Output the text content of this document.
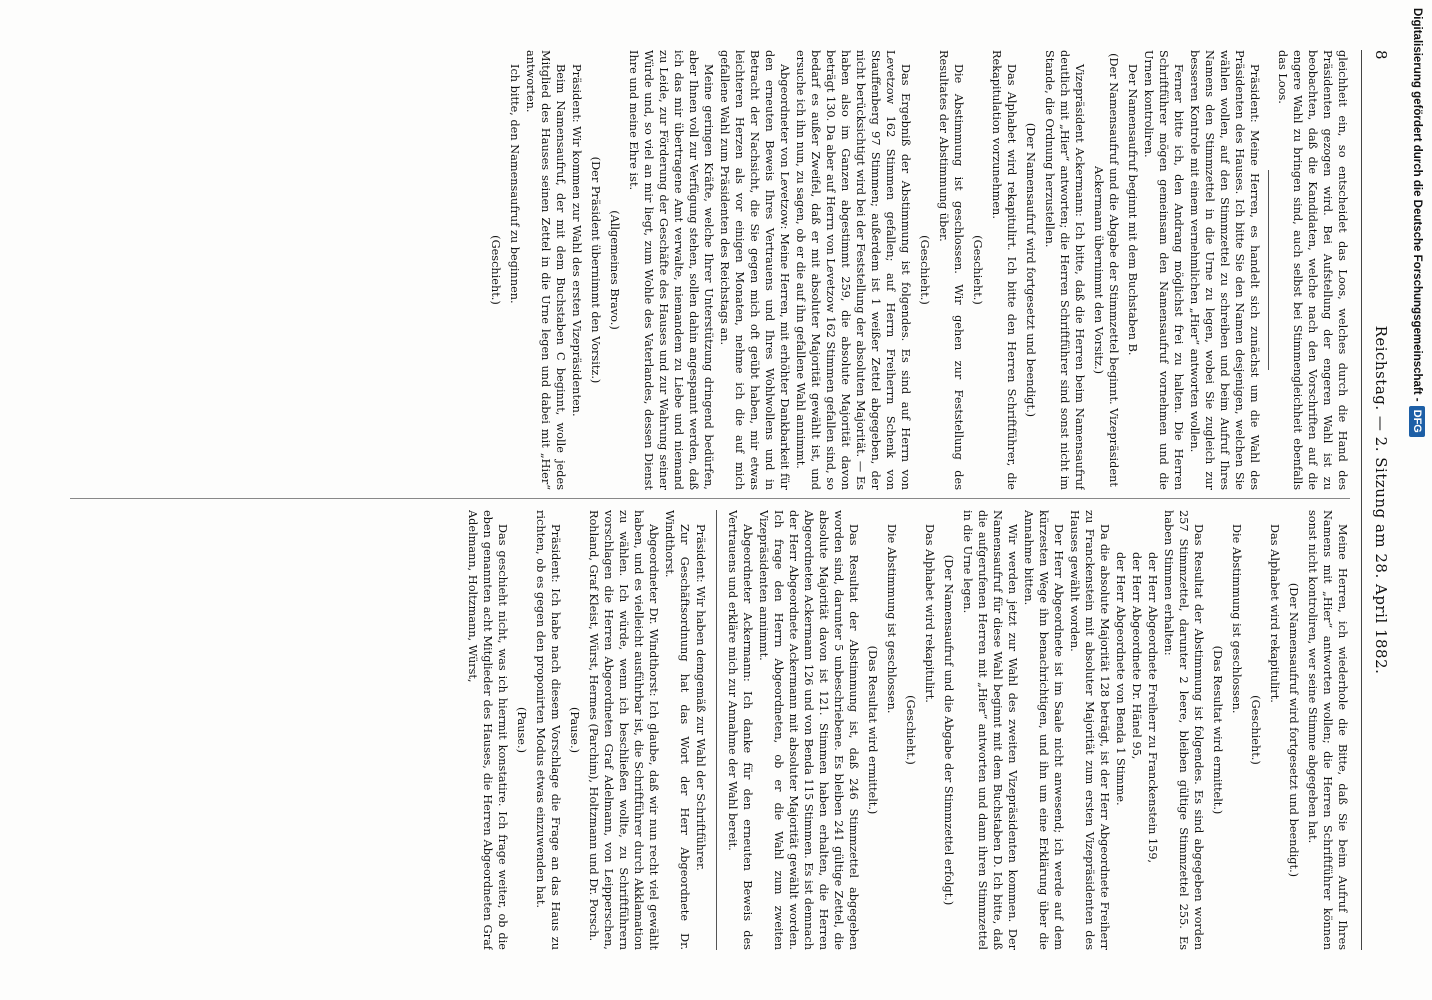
8
Reichstag. — 2. Sitzung am 28. April 1882.

gleichheit ein, so entscheidet das Loos, welches durch die Hand des Präsidenten gezogen wird. Bei Aufstellung der engeren Wahl ist zu beobachten, daß die Kandidaten, welche nach den Vorschriften auf die engere Wahl zu bringen sind, auch selbst bei Stimmengleichheit ebenfalls das Loos.

Präsident: Meine Herren, es handelt sich zunächst um die Wahl des Präsidenten des Hauses. Ich bitte Sie den Namen desjenigen, welchen Sie wählen wollen, auf den Stimmzettel zu schreiben und beim Aufruf Ihres Namens den Stimmzettel in die Urne zu legen, wobei Sie zugleich zur besseren Kontrole mit einem vernehmlichen „Hier“ antworten wollen.

Ferner bitte ich, den Andrang möglichst frei zu halten. Die Herren Schriftführer mögen gemeinsam den Namensaufruf vornehmen und die Urnen kontroliren.

Der Namensaufruf beginnt mit dem Buchstaben B.

(Der Namensaufruf und die Abgabe der Stimmzettel beginnt. Vizepräsident Ackermann übernimmt den Vorsitz.)

Vizepräsident Ackermann: Ich bitte, daß die Herren beim Namensaufruf deutlich mit „Hier“ antworten; die Herren Schriftführer sind sonst nicht im Stande, die Ordnung herzustellen.

(Der Namensaufruf wird fortgesetzt und beendigt.)

Das Alphabet wird rekapitulirt. Ich bitte den Herren Schriftführer, die Rekapitulation vorzunehmen.

(Geschieht.)

Die Abstimmung ist geschlossen. Wir gehen zur Feststellung des Resultates der Abstimmung über.

(Geschieht.)

Das Ergebniß der Abstimmung ist folgendes. Es sind auf Herrn von Levetzow 162 Stimmen gefallen; auf Herrn Freiherrn Schenk von Stauffenberg 97 Stimmen; außerdem ist 1 weißer Zettel abgegeben, der nicht berücksichtigt wird bei der Feststellung der absoluten Majorität. — Es haben also im Ganzen abgestimmt 259, die absolute Majorität davon beträgt 130. Da aber auf Herrn von Levetzow 162 Stimmen gefallen sind, so bedarf es außer Zweifel, daß er mit absoluter Majorität gewählt ist, und ersuche ich ihn nun, zu sagen, ob er die auf ihn gefallene Wahl annimmt.

Abgeordneter von Levetzow: Meine Herren, mit erhöhter Dankbarkeit für den erneuten Beweis Ihres Vertrauens und Ihres Wohlwollens und in Betracht der Nachsicht, die Sie gegen mich oft geübt haben, mir etwas leichteren Herzen als vor einigen Monaten, nehme ich die auf mich gefallene Wahl zum Präsidenten des Reichstags an.

Meine geringen Kräfte, welche Ihrer Unterstützung dringend bedürfen, aber Ihnen voll zur Verfügung stehen, sollen dahin angespannt werden, daß ich das mir übertragene Amt verwalte, niemandem zu Liebe und niemand zu Leide, zur Förderung der Geschäfte des Hauses und zur Wahrung seiner Würde und, so viel an mir liegt, zum Wohle des Vaterlandes, dessen Dienst Ihre und meine Ehre ist.

(Allgemeines Bravo.)

(Der Präsident übernimmt den Vorsitz.)

Präsident: Wir kommen zur Wahl des ersten Vizepräsidenten.

Beim Namensaufruf, der mit dem Buchstaben C beginnt, wolle jedes Mitglied des Hauses seinen Zettel in die Urne legen und dabei mit „Hier“ antworten.

Ich bitte, den Namensaufruf zu beginnen.

(Geschieht.)

Meine Herren, ich wiederhole die Bitte, daß Sie beim Aufruf Ihres Namens mit „Hier“ antworten wollen; die Herren Schriftführer können sonst nicht kontroliren, wer seine Stimme abgegeben hat.

(Der Namensaufruf wird fortgesetzt und beendigt.)

Das Alphabet wird rekapitulirt.

(Geschieht.)

Die Abstimmung ist geschlossen.

(Das Resultat wird ermittelt.)

Das Resultat der Abstimmung ist folgendes. Es sind abgegeben worden 257 Stimmzettel, darunter 2 leere, bleiben gültige Stimmzettel 255. Es haben Stimmen erhalten:

der Herr Abgeordnete Freiherr zu Franckenstein 159,

der Herr Abgeordnete Dr. Hänel 95,

der Herr Abgeordnete von Benda 1 Stimme.

Da die absolute Majorität 128 beträgt, ist der Herr Abgeordnete Freiherr zu Franckenstein mit absoluter Majorität zum ersten Vizepräsidenten des Hauses gewählt worden.

Der Herr Abgeordnete ist im Saale nicht anwesend; ich werde auf dem kürzesten Wege ihn benachrichtigen, und ihn um eine Erklärung über die Annahme bitten.

Wir werden jetzt zur Wahl des zweiten Vizepräsidenten kommen. Der Namensaufruf für diese Wahl beginnt mit dem Buchstaben D. Ich bitte, daß die aufgerufenen Herren mit „Hier“ antworten und dann ihren Stimmzettel in die Urne legen.

(Der Namensaufruf und die Abgabe der Stimmzettel erfolgt.)

Das Alphabet wird rekapitulirt.

(Geschieht.)

Die Abstimmung ist geschlossen.

(Das Resultat wird ermittelt.)

Das Resultat der Abstimmung ist, daß 246 Stimmzettel abgegeben worden sind, darunter 5 unbeschriebene. Es bleiben 241 gültige Zettel, die absolute Majorität davon ist 121. Stimmen haben erhalten, die Herren Abgeordneten Ackermann 126 und von Benda 115 Stimmen. Es ist demnach der Herr Abgeordnete Ackermann mit absoluter Majorität gewählt worden. Ich frage den Herrn Abgeordneten, ob er die Wahl zum zweiten Vizepräsidenten annimmt.

Abgeordneter Ackermann: Ich danke für den erneuten Beweis des Vertrauens und erkläre mich zur Annahme der Wahl bereit.

Präsident: Wir haben demgemäß zur Wahl der Schriftführer.

Zur Geschäftsordnung hat das Wort der Herr Abgeordnete Dr. Windthorst.

Abgeordneter Dr. Windthorst: Ich glaube, daß wir nun recht viel gewählt haben, und es vielleicht ausführbar ist, die Schriftführer durch Akklamation zu wählen. Ich würde, wenn ich beschließen wollte, zu Schriftführern vorschlagen die Herren Abgeordneten Graf Adelmann, von Leipperschen, Rohland, Graf Kleist, Würst, Hermes (Parchim), Holtzmann und Dr. Porsch.

(Pause.)

Präsident: Ich habe nach diesem Vorschlage die Frage an das Haus zu richten, ob es gegen den proponirten Modus etwas einzuwenden hat.

(Pause.)

Das geschieht nicht, was ich hiermit konstatire. Ich frage weiter, ob die eben genannten acht Mitglieder des Hauses, die Herren Abgeordneten Graf Adelmann, Holtzmann, Würst,

Digitalisierung gefördert durch die Deutsche Forschungsgemeinschaft -DFG
